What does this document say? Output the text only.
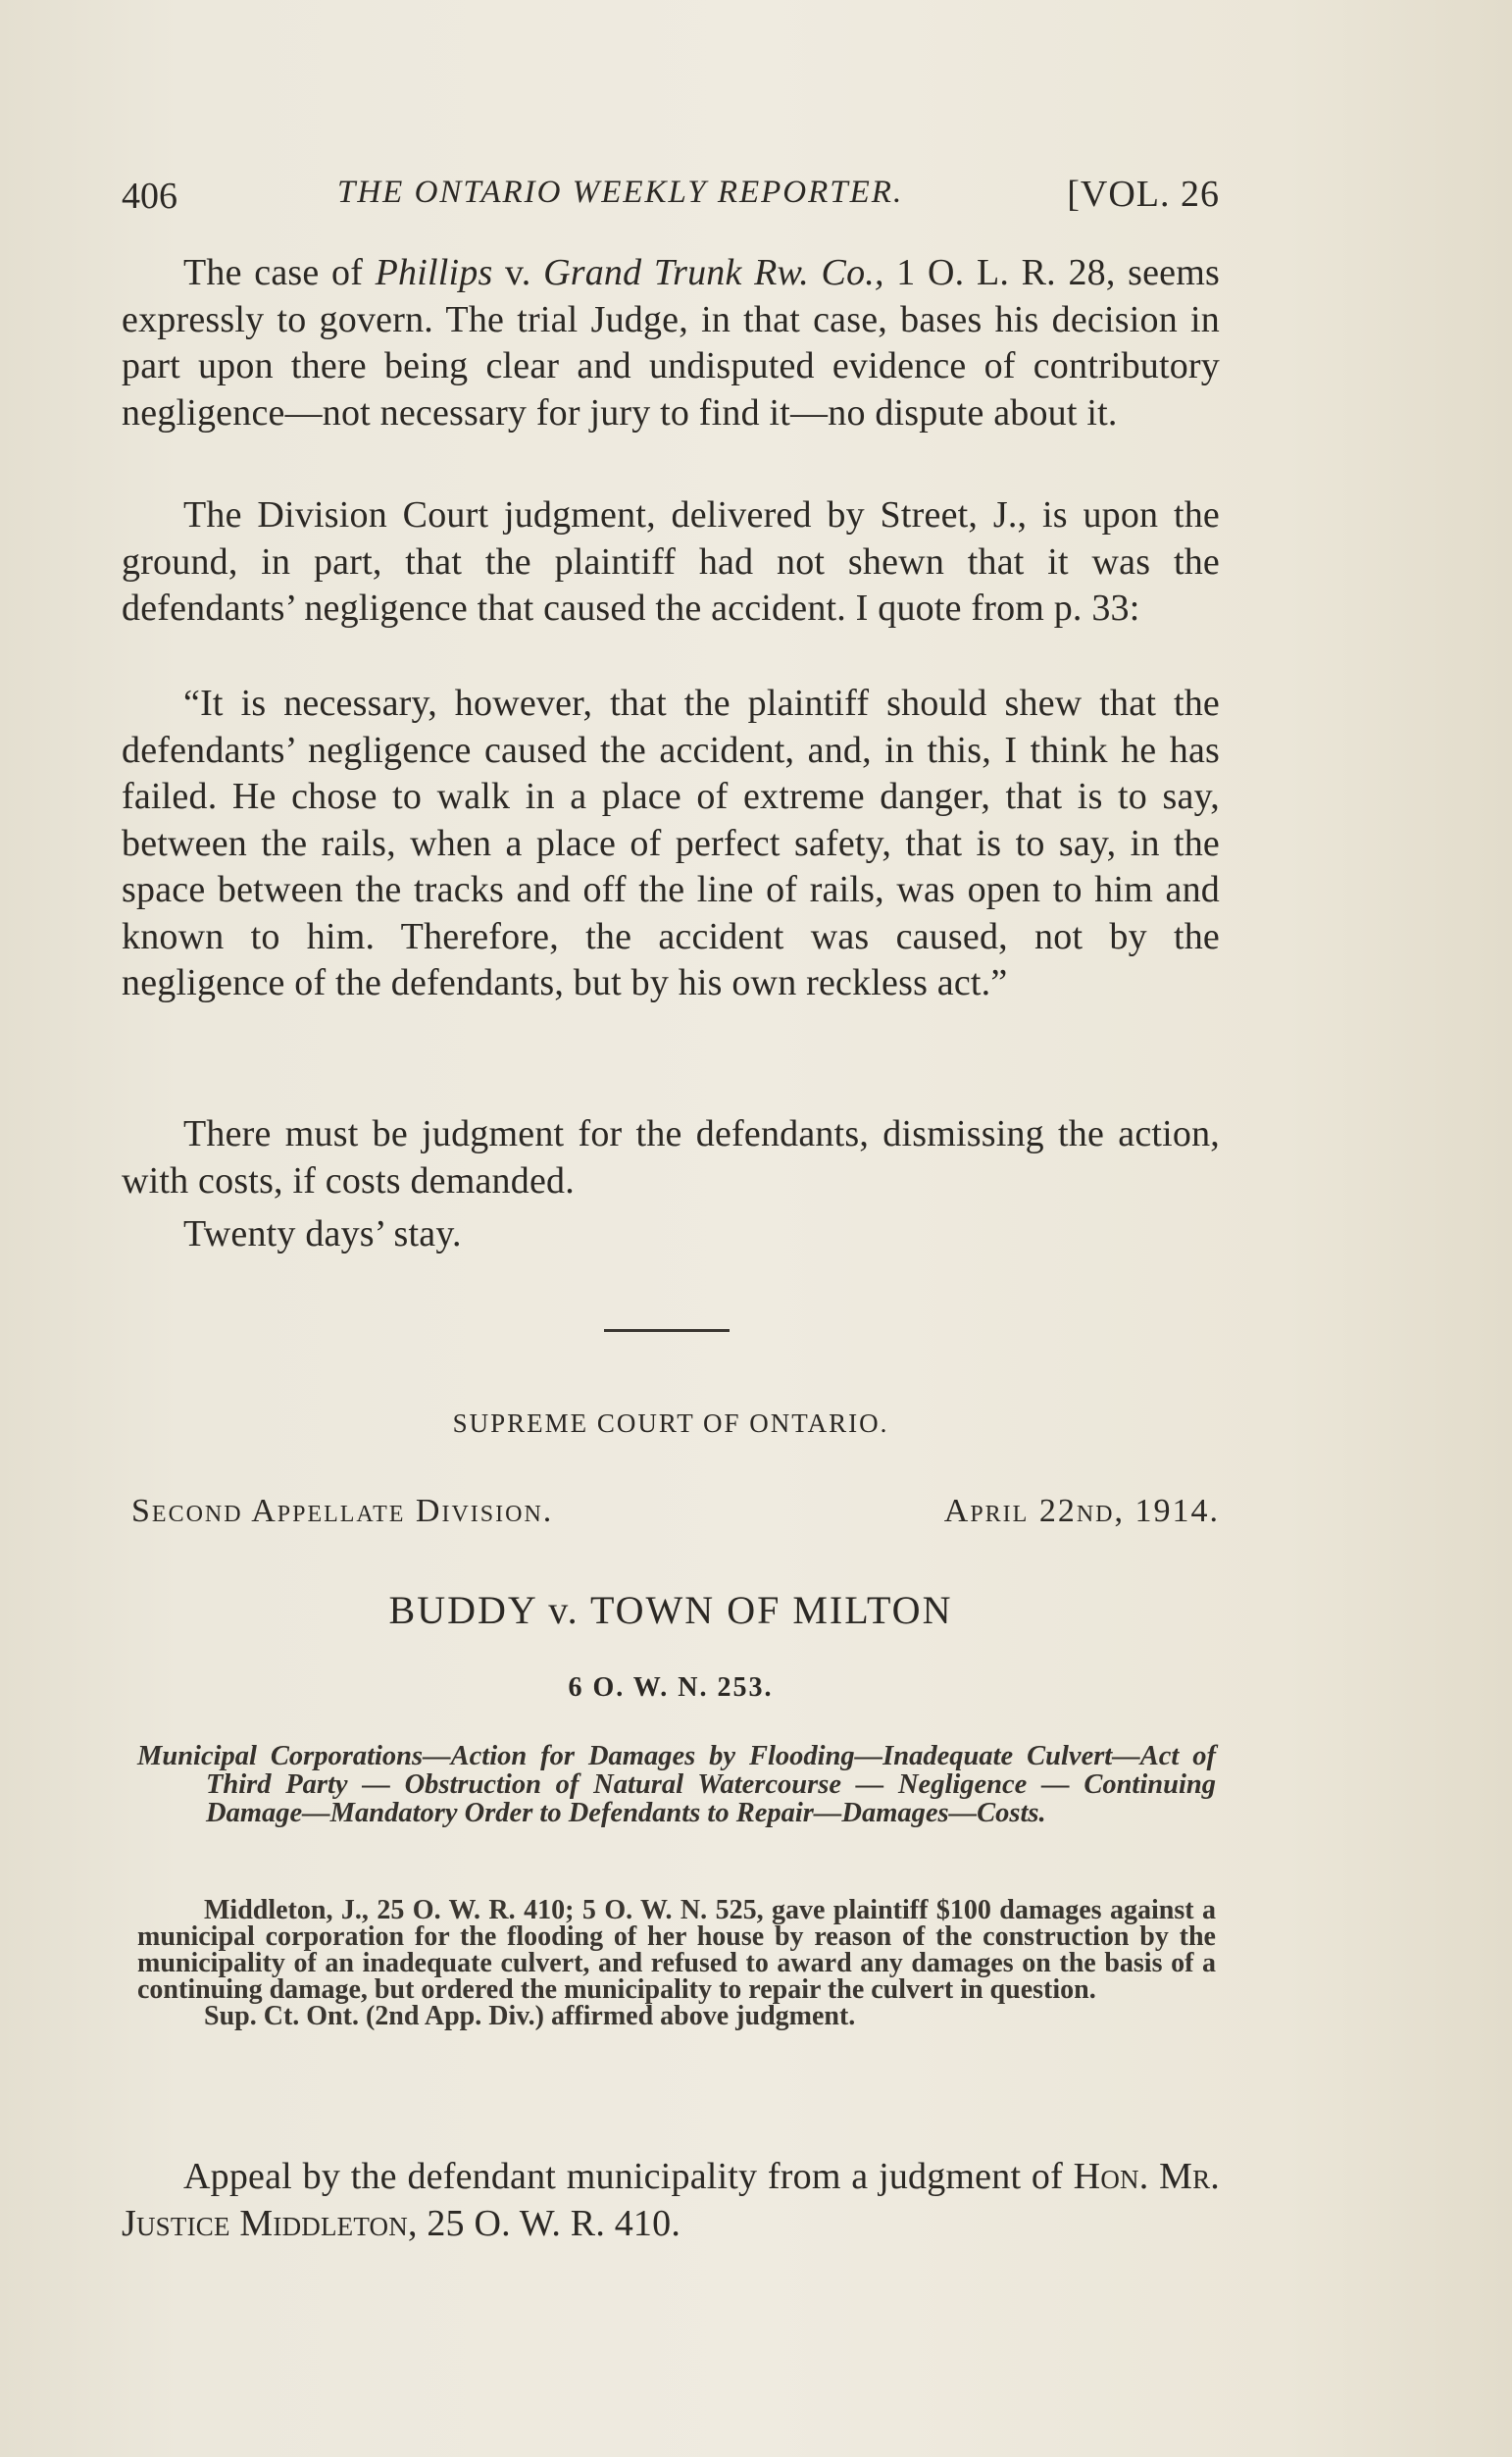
406	THE ONTARIO WEEKLY REPORTER.	[VOL. 26

The case of Phillips v. Grand Trunk Rw. Co., 1 O. L. R. 28, seems expressly to govern. The trial Judge, in that case, bases his decision in part upon there being clear and undisputed evidence of contributory negligence—not necessary for jury to find it—no dispute about it.

The Division Court judgment, delivered by Street, J., is upon the ground, in part, that the plaintiff had not shewn that it was the defendants’ negligence that caused the accident. I quote from p. 33:

“It is necessary, however, that the plaintiff should shew that the defendants’ negligence caused the accident, and, in this, I think he has failed. He chose to walk in a place of extreme danger, that is to say, between the rails, when a place of perfect safety, that is to say, in the space between the tracks and off the line of rails, was open to him and known to him. Therefore, the accident was caused, not by the negligence of the defendants, but by his own reckless act.”

There must be judgment for the defendants, dismissing the action, with costs, if costs demanded.

Twenty days’ stay.

SUPREME COURT OF ONTARIO.
Second Appellate Division.	April 22nd, 1914.
BUDDY v. TOWN OF MILTON
6 O. W. N. 253.
Municipal Corporations—Action for Damages by Flooding—Inadequate Culvert—Act of Third Party — Obstruction of Natural Watercourse — Negligence — Continuing Damage—Mandatory Order to Defendants to Repair—Damages—Costs.

Middleton, J., 25 O. W. R. 410; 5 O. W. N. 525, gave plaintiff $100 damages against a municipal corporation for the flooding of her house by reason of the construction by the municipality of an inadequate culvert, and refused to award any damages on the basis of a continuing damage, but ordered the municipality to repair the culvert in question.

Sup. Ct. Ont. (2nd App. Div.) affirmed above judgment.

Appeal by the defendant municipality from a judgment of Hon. Mr. Justice Middleton, 25 O. W. R. 410.
